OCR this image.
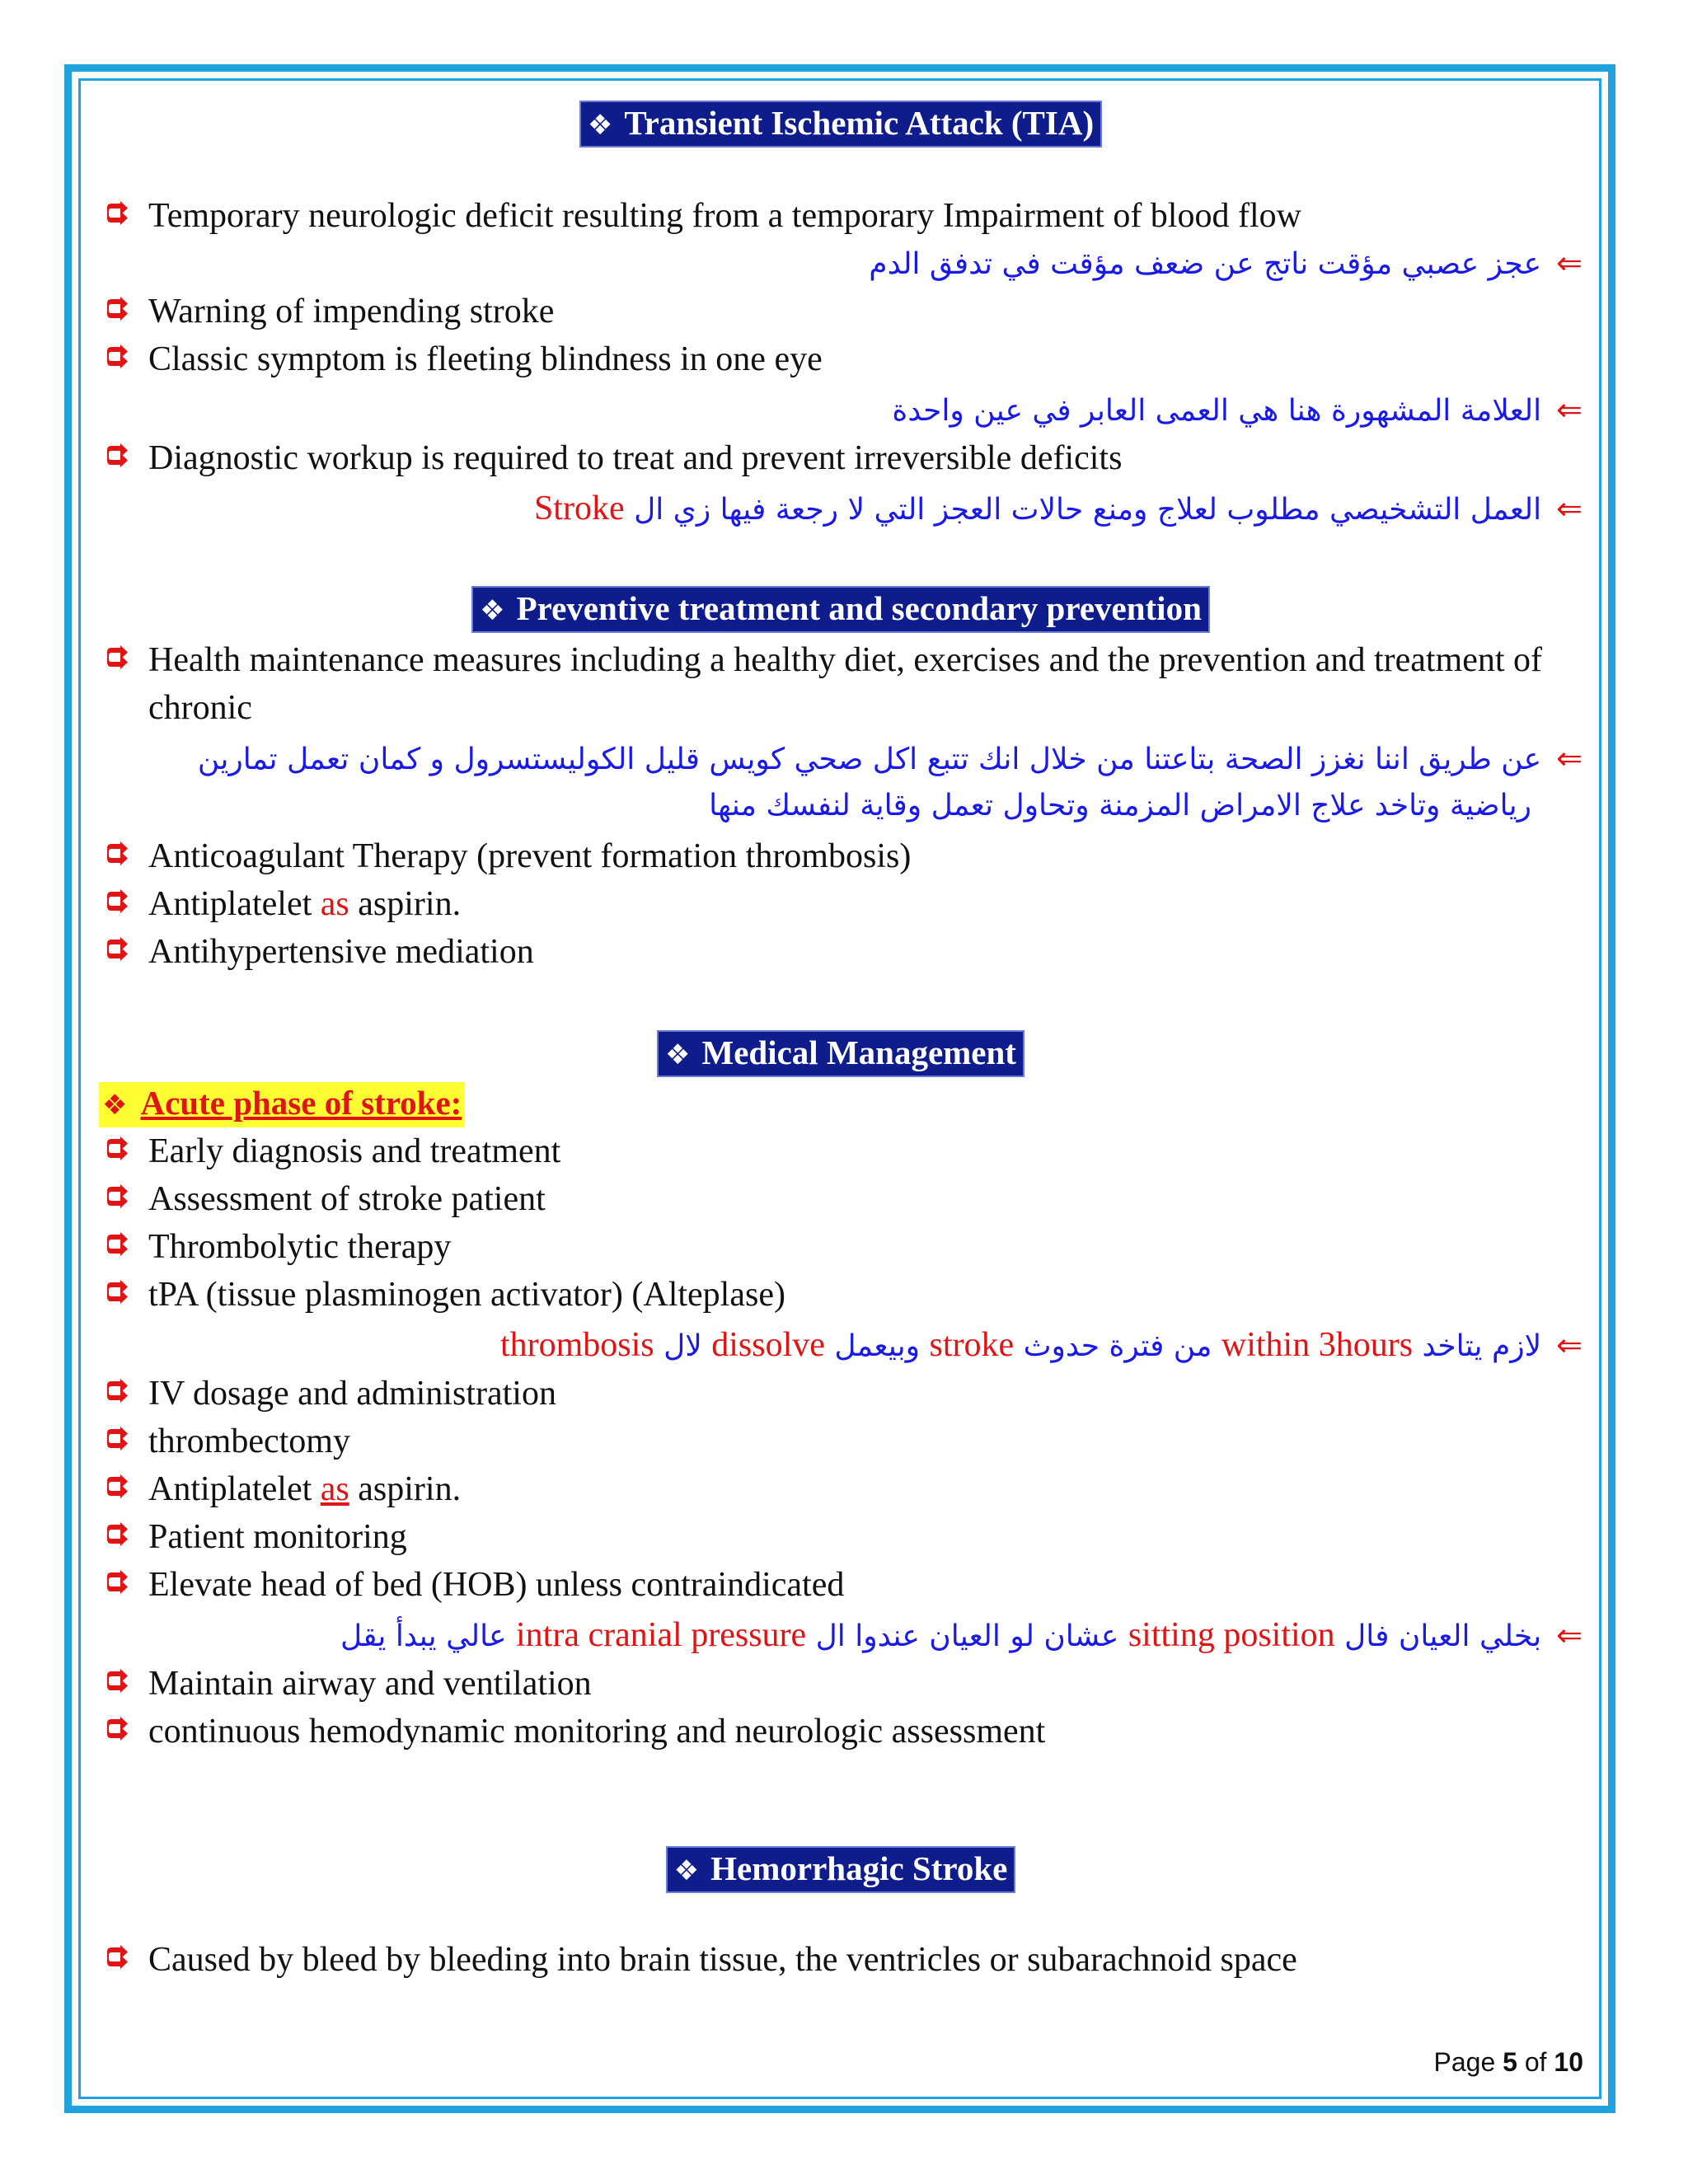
❖ Transient Ischemic Attack (TIA)
Temporary neurologic deficit resulting from a temporary Impairment of blood flow
⇐عجز عصبي مؤقت ناتج عن ضعف مؤقت في تدفق الدم
Warning of impending stroke
Classic symptom is fleeting blindness in one eye
⇐العلامة المشهورة هنا هي العمى العابر في عين واحدة
Diagnostic workup is required to treat and prevent irreversible deficits
⇐العمل التشخيصي مطلوب لعلاج ومنع حالات العجز التي لا رجعة فيها زي ال Stroke
❖ Preventive treatment and secondary prevention
Health maintenance measures including a healthy diet, exercises and the prevention and treatment of chronic
⇐عن طريق اننا نغزز الصحة بتاعتنا من خلال انك تتبع اكل صحي كويس قليل الكوليستسرول و كمان تعمل تمارين
رياضية وتاخد علاج الامراض المزمنة وتحاول تعمل وقاية لنفسك منها
Anticoagulant Therapy (prevent formation thrombosis)
Antiplatelet as aspirin.
Antihypertensive mediation
❖ Medical Management
❖ Acute phase of stroke:
Early diagnosis and treatment
Assessment of stroke patient
Thrombolytic therapy
tPA (tissue plasminogen activator) (Alteplase)
⇐لازم يتاخد within 3hours من فترة حدوث stroke وبيعمل dissolve لال thrombosis
IV dosage and administration
thrombectomy
Antiplatelet as aspirin.
Patient monitoring
Elevate head of bed (HOB) unless contraindicated
⇐بخلي العيان فال sitting position عشان لو العيان عندوا ال intra cranial pressure عالي يبدأ يقل
Maintain airway and ventilation
continuous hemodynamic monitoring and neurologic assessment
❖ Hemorrhagic Stroke
Caused by bleed by bleeding into brain tissue, the ventricles or subarachnoid space
Page 5 of 10
